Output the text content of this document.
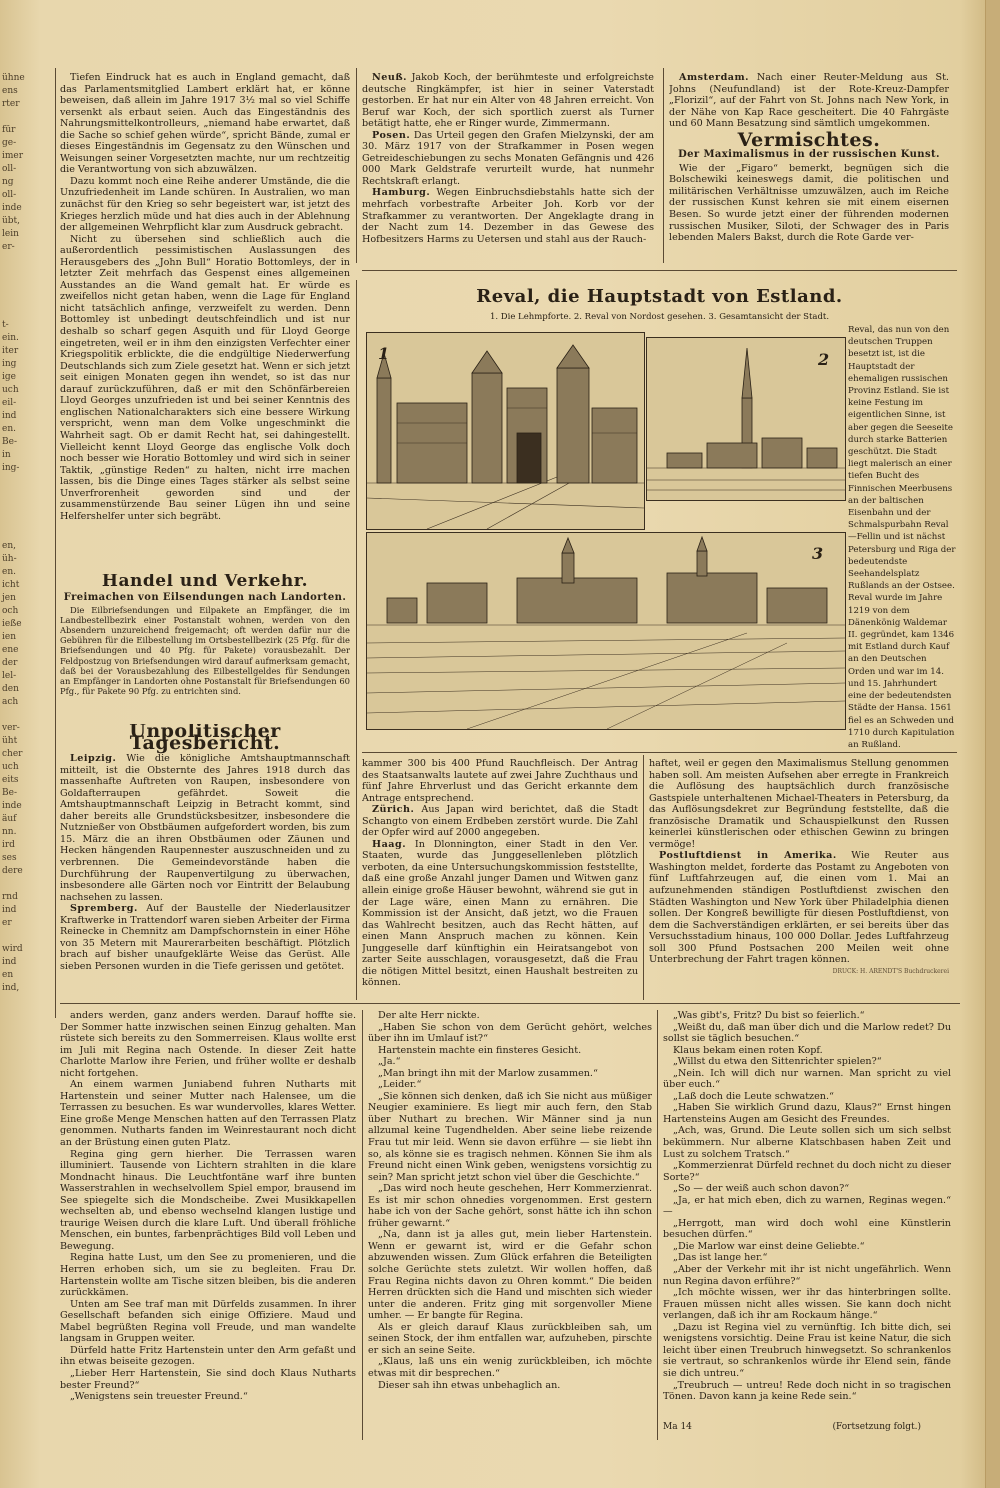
ühne
ens
rter
für
ge-
imer
oll-
ng
oll-
inde
übt,
lein
er-
t-
ein.
iter
ing
ige
uch
eil-
ind
en.
Be-
in
ing-
en,
üh-
en.
icht
jen
och
ieße
ien
ene
der
lel-
den
ach
ver-
üht
cher
uch
eits
Be-
inde
äuf
nn.
ird
ses
dere
rnd
ind
er
wird
ind
en
ind,

Tiefen Eindruck hat es auch in England gemacht, daß das Parlamentsmitglied Lambert erklärt hat, er könne beweisen, daß allein im Jahre 1917 3½ mal so viel Schiffe versenkt als erbaut seien. Auch das Eingeständnis des Nahrungsmittelkontrolleurs, „niemand habe erwartet, daß die Sache so schief gehen würde“, spricht Bände, zumal er dieses Eingeständnis im Gegensatz zu den Wünschen und Weisungen seiner Vorgesetzten machte, nur um rechtzeitig die Verantwortung von sich abzuwälzen.

Dazu kommt noch eine Reihe anderer Umstände, die die Unzufriedenheit im Lande schüren. In Australien, wo man zunächst für den Krieg so sehr begeistert war, ist jetzt des Krieges herzlich müde und hat dies auch in der Ablehnung der allgemeinen Wehrpflicht klar zum Ausdruck gebracht.

Nicht zu übersehen sind schließlich auch die außerordentlich pessimistischen Auslassungen des Herausgebers des „John Bull“ Horatio Bottomleys, der in letzter Zeit mehrfach das Gespenst eines allgemeinen Ausstandes an die Wand gemalt hat. Er würde es zweifellos nicht getan haben, wenn die Lage für England nicht tatsächlich anfinge, verzweifelt zu werden. Denn Bottomley ist unbedingt deutschfeindlich und ist nur deshalb so scharf gegen Asquith und für Lloyd George eingetreten, weil er in ihm den einzigsten Verfechter einer Kriegspolitik erblickte, die die endgültige Niederwerfung Deutschlands sich zum Ziele gesetzt hat. Wenn er sich jetzt seit einigen Monaten gegen ihn wendet, so ist das nur darauf zurückzuführen, daß er mit den Schönfärbereien Lloyd Georges unzufrieden ist und bei seiner Kenntnis des englischen Nationalcharakters sich eine bessere Wirkung verspricht, wenn man dem Volke ungeschminkt die Wahrheit sagt. Ob er damit Recht hat, sei dahingestellt. Vielleicht kennt Lloyd George das englische Volk doch noch besser wie Horatio Bottomley und wird sich in seiner Taktik, „günstige Reden“ zu halten, nicht irre machen lassen, bis die Dinge eines Tages stärker als selbst seine Unverfrorenheit geworden sind und der zusammenstürzende Bau seiner Lügen ihn und seine Helfershelfer unter sich begräbt.

Handel und Verkehr.
Freimachen von Eilsendungen nach Landorten.

Die Eilbriefsendungen und Eilpakete an Empfänger, die im Landbestellbezirk einer Postanstalt wohnen, werden von den Absendern unzureichend freigemacht; oft werden dafür nur die Gebühren für die Eilbestellung im Ortsbestellbezirk (25 Pfg. für die Briefsendungen und 40 Pfg. für Pakete) vorausbezahlt. Der Feldpostzug von Briefsendungen wird darauf aufmerksam gemacht, daß bei der Vorausbezahlung des Eilbestellgeldes für Sendungen an Empfänger in Landorten ohne Postanstalt für Briefsendungen 60 Pfg., für Pakete 90 Pfg. zu entrichten sind.

Unpolitischer Tagesbericht.

Leipzig. Wie die königliche Amtshauptmannschaft mitteilt, ist die Obsternte des Jahres 1918 durch das massenhafte Auftreten von Raupen, insbesondere von Goldafterraupen gefährdet. Soweit die Amtshauptmannschaft Leipzig in Betracht kommt, sind daher bereits alle Grundstücksbesitzer, insbesondere die Nutznießer von Obstbäumen aufgefordert worden, bis zum 15. März die an ihren Obstbäumen oder Zäunen und Hecken hängenden Raupennester auszuschneiden und zu verbrennen. Die Gemeindevorstände haben die Durchführung der Raupenvertilgung zu überwachen, insbesondere alle Gärten noch vor Eintritt der Belaubung nachsehen zu lassen.

Spremberg. Auf der Baustelle der Niederlausitzer Kraftwerke in Trattendorf waren sieben Arbeiter der Firma Reinecke in Chemnitz am Dampfschornstein in einer Höhe von 35 Metern mit Maurerarbeiten beschäftigt. Plötzlich brach auf bisher unaufgeklärte Weise das Gerüst. Alle sieben Personen wurden in die Tiefe gerissen und getötet.

Neuß. Jakob Koch, der berühmteste und erfolgreichste deutsche Ringkämpfer, ist hier in seiner Vaterstadt gestorben. Er hat nur ein Alter von 48 Jahren erreicht. Von Beruf war Koch, der sich sportlich zuerst als Turner betätigt hatte, ehe er Ringer wurde, Zimmermann.

Posen. Das Urteil gegen den Grafen Mielzynski, der am 30. März 1917 von der Strafkammer in Posen wegen Getreideschiebungen zu sechs Monaten Gefängnis und 426 000 Mark Geldstrafe verurteilt wurde, hat nunmehr Rechtskraft erlangt.

Hamburg. Wegen Einbruchsdiebstahls hatte sich der mehrfach vorbestrafte Arbeiter Joh. Korb vor der Strafkammer zu verantworten. Der Angeklagte drang in der Nacht zum 14. Dezember in das Gewese des Hofbesitzers Harms zu Uetersen und stahl aus der Rauch-

Amsterdam. Nach einer Reuter-Meldung aus St. Johns (Neufundland) ist der Rote-Kreuz-Dampfer „Florizil“, auf der Fahrt von St. Johns nach New York, in der Nähe von Kap Race gescheitert. Die 40 Fahrgäste und 60 Mann Besatzung sind sämtlich umgekommen.

Vermischtes.
Der Maximalismus in der russischen Kunst.

Wie der „Figaro“ bemerkt, begnügen sich die Bolschewiki keineswegs damit, die politischen und militärischen Verhältnisse umzuwälzen, auch im Reiche der russischen Kunst kehren sie mit einem eisernen Besen. So wurde jetzt einer der führenden modernen russischen Musiker, Siloti, der Schwager des in Paris lebenden Malers Bakst, durch die Rote Garde ver-

Reval, die Hauptstadt von Estland.
1. Die Lehmpforte. 2. Reval von Nordost gesehen. 3. Gesamtansicht der Stadt.
1	2
3
Reval, das nun von den deutschen Truppen besetzt ist, ist die Hauptstadt der ehemaligen russischen Provinz Estland. Sie ist keine Festung im eigentlichen Sinne, ist aber gegen die Seeseite durch starke Batterien geschützt. Die Stadt liegt malerisch an einer tiefen Bucht des Finnischen Meerbusens an der baltischen Eisenbahn und der Schmalspurbahn Reval—Fellin und ist nächst Petersburg und Riga der bedeutendste Seehandelsplatz Rußlands an der Ostsee. Reval wurde im Jahre 1219 von dem Dänenkönig Waldemar II. gegründet, kam 1346 mit Estland durch Kauf an den Deutschen Orden und war im 14. und 15. Jahrhundert eine der bedeutendsten Städte der Hansa. 1561 fiel es an Schweden und 1710 durch Kapitulation an Rußland.

kammer 300 bis 400 Pfund Rauchfleisch. Der Antrag des Staatsanwalts lautete auf zwei Jahre Zuchthaus und fünf Jahre Ehrverlust und das Gericht erkannte dem Antrage entsprechend.

Zürich. Aus Japan wird berichtet, daß die Stadt Schangto von einem Erdbeben zerstört wurde. Die Zahl der Opfer wird auf 2000 angegeben.

Haag. In Dlonnington, einer Stadt in den Ver. Staaten, wurde das Junggesellenleben plötzlich verboten, da eine Untersuchungskommission feststellte, daß eine große Anzahl junger Damen und Witwen ganz allein einige große Häuser bewohnt, während sie gut in der Lage wäre, einen Mann zu ernähren. Die Kommission ist der Ansicht, daß jetzt, wo die Frauen das Wahlrecht besitzen, auch das Recht hätten, auf einen Mann Anspruch machen zu können. Kein Junggeselle darf künftighin ein Heiratsangebot von zarter Seite ausschlagen, vorausgesetzt, daß die Frau die nötigen Mittel besitzt, einen Haushalt bestreiten zu können.

haftet, weil er gegen den Maximalismus Stellung genommen haben soll. Am meisten Aufsehen aber erregte in Frankreich die Auflösung des hauptsächlich durch französische Gastspiele unterhaltenen Michael-Theaters in Petersburg, da das Auflösungsdekret zur Begründung feststellte, daß die französische Dramatik und Schauspielkunst den Russen keinerlei künstlerischen oder ethischen Gewinn zu bringen vermöge!

Postluftdienst in Amerika. Wie Reuter aus Washington meldet, forderte das Postamt zu Angeboten von fünf Luftfahrzeugen auf, die einen vom 1. Mai an aufzunehmenden ständigen Postluftdienst zwischen den Städten Washington und New York über Philadelphia dienen sollen. Der Kongreß bewilligte für diesen Postluftdienst, von dem die Sachverständigen erklärten, er sei bereits über das Versuchsstadium hinaus, 100 000 Dollar. Jedes Luftfahrzeug soll 300 Pfund Postsachen 200 Meilen weit ohne Unterbrechung der Fahrt tragen können.

DRUCK: H. ARENDT'S Buchdruckerei

anders werden, ganz anders werden. Darauf hoffte sie. Der Sommer hatte inzwischen seinen Einzug gehalten. Man rüstete sich bereits zu den Sommerreisen. Klaus wollte erst im Juli mit Regina nach Ostende. In dieser Zeit hatte Charlotte Marlow ihre Ferien, und früher wollte er deshalb nicht fortgehen.

An einem warmen Juniabend fuhren Nutharts mit Hartenstein und seiner Mutter nach Halensee, um die Terrassen zu besuchen. Es war wundervolles, klares Wetter. Eine große Menge Menschen hatten auf den Terrassen Platz genommen. Nutharts fanden im Weinrestaurant noch dicht an der Brüstung einen guten Platz.

Regina ging gern hierher. Die Terrassen waren illuminiert. Tausende von Lichtern strahlten in die klare Mondnacht hinaus. Die Leuchtfontäne warf ihre bunten Wasserstrahlen in wechselvollem Spiel empor, brausend im See spiegelte sich die Mondscheibe. Zwei Musikkapellen wechselten ab, und ebenso wechselnd klangen lustige und traurige Weisen durch die klare Luft. Und überall fröhliche Menschen, ein buntes, farbenprächtiges Bild voll Leben und Bewegung.

Regina hatte Lust, um den See zu promenieren, und die Herren erhoben sich, um sie zu begleiten. Frau Dr. Hartenstein wollte am Tische sitzen bleiben, bis die anderen zurückkämen.

Unten am See traf man mit Dürfelds zusammen. In ihrer Gesellschaft befanden sich einige Offiziere. Maud und Mabel begrüßten Regina voll Freude, und man wandelte langsam in Gruppen weiter.

Dürfeld hatte Fritz Hartenstein unter den Arm gefaßt und ihn etwas beiseite gezogen.

„Lieber Herr Hartenstein, Sie sind doch Klaus Nutharts bester Freund?“

„Wenigstens sein treuester Freund.“

Der alte Herr nickte.

„Haben Sie schon von dem Gerücht gehört, welches über ihn im Umlauf ist?“

Hartenstein machte ein finsteres Gesicht.

„Ja.“

„Man bringt ihn mit der Marlow zusammen.“

„Leider.“

„Sie können sich denken, daß ich Sie nicht aus müßiger Neugier examiniere. Es liegt mir auch fern, den Stab über Nuthart zu brechen. Wir Männer sind ja nun allzumal keine Tugendhelden. Aber seine liebe reizende Frau tut mir leid. Wenn sie davon erführe — sie liebt ihn so, als könne sie es tragisch nehmen. Können Sie ihm als Freund nicht einen Wink geben, wenigstens vorsichtig zu sein? Man spricht jetzt schon viel über die Geschichte.“

„Das wird noch heute geschehen, Herr Kommerzienrat. Es ist mir schon ohnedies vorgenommen. Erst gestern habe ich von der Sache gehört, sonst hätte ich ihn schon früher gewarnt.“

„Na, dann ist ja alles gut, mein lieber Hartenstein. Wenn er gewarnt ist, wird er die Gefahr schon abzuwenden wissen. Zum Glück erfahren die Beteiligten solche Gerüchte stets zuletzt. Wir wollen hoffen, daß Frau Regina nichts davon zu Ohren kommt.“ Die beiden Herren drückten sich die Hand und mischten sich wieder unter die anderen. Fritz ging mit sorgenvoller Miene umher. — Er bangte für Regina.

Als er gleich darauf Klaus zurückbleiben sah, um seinen Stock, der ihm entfallen war, aufzuheben, pirschte er sich an seine Seite.

„Klaus, laß uns ein wenig zurückbleiben, ich möchte etwas mit dir besprechen.“

Dieser sah ihn etwas unbehaglich an.

„Was gibt's, Fritz? Du bist so feierlich.“

„Weißt du, daß man über dich und die Marlow redet? Du sollst sie täglich besuchen.“

Klaus bekam einen roten Kopf.

„Willst du etwa den Sittenrichter spielen?“

„Nein. Ich will dich nur warnen. Man spricht zu viel über euch.“

„Laß doch die Leute schwatzen.“

„Haben Sie wirklich Grund dazu, Klaus?“ Ernst hingen Hartensteins Augen am Gesicht des Freundes.

„Ach, was, Grund. Die Leute sollen sich um sich selbst bekümmern. Nur alberne Klatschbasen haben Zeit und Lust zu solchem Tratsch.“

„Kommerzienrat Dürfeld rechnet du doch nicht zu dieser Sorte?“

„So — der weiß auch schon davon?“

„Ja, er hat mich eben, dich zu warnen, Reginas wegen.“ —

„Herrgott, man wird doch wohl eine Künstlerin besuchen dürfen.“

„Die Marlow war einst deine Geliebte.“

„Das ist lange her.“

„Aber der Verkehr mit ihr ist nicht ungefährlich. Wenn nun Regina davon erführe?“

„Ich möchte wissen, wer ihr das hinterbringen sollte. Frauen müssen nicht alles wissen. Sie kann doch nicht verlangen, daß ich ihr am Rockaum hänge.“

„Dazu ist Regina viel zu vernünftig. Ich bitte dich, sei wenigstens vorsichtig. Deine Frau ist keine Natur, die sich leicht über einen Treubruch hinwegsetzt. So schrankenlos sie vertraut, so schrankenlos würde ihr Elend sein, fände sie dich untreu.“

„Treubruch — untreu! Rede doch nicht in so tragischen Tönen. Davon kann ja keine Rede sein.“

Ma 14	(Fortsetzung folgt.)
